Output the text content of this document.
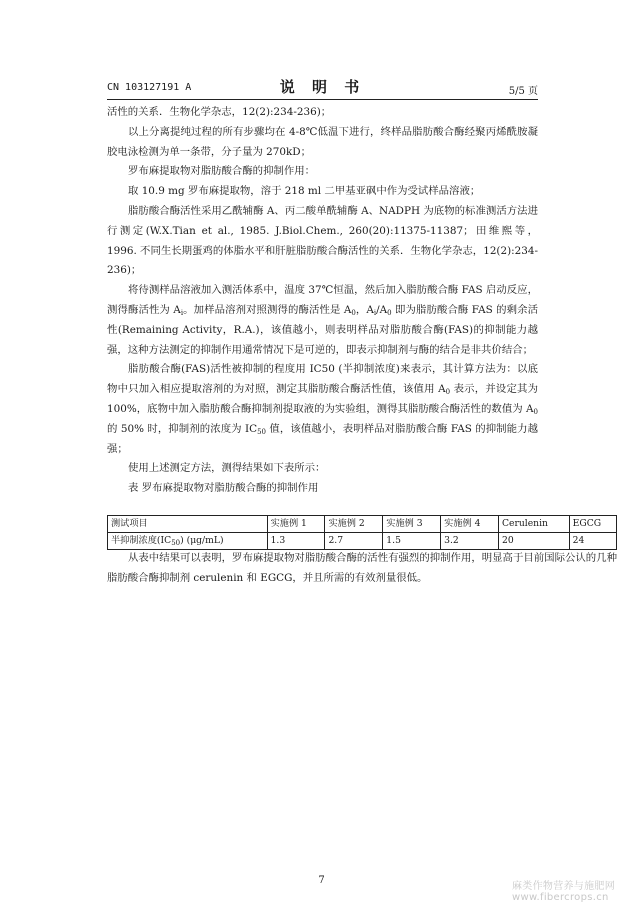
CN 103127191 A	说 明 书	5/5 页

活性的关系．生物化学杂志，12(2):234-236)；

以上分离提纯过程的所有步骤均在 4-8℃低温下进行，终样品脂肪酸合酶经聚丙烯酰胺凝胶电泳检测为单一条带，分子量为 270kD；

罗布麻提取物对脂肪酸合酶的抑制作用：

取 10.9 mg 罗布麻提取物，溶于 218 ml 二甲基亚砜中作为受试样品溶液；

脂肪酸合酶活性采用乙酰辅酶 A、丙二酸单酰辅酶 A、NADPH 为底物的标准测活方法进行测定(W.X.Tian et al., 1985. J.Biol.Chem., 260(20):11375-11387；田维熙等， 1996. 不同生长期蛋鸡的体脂水平和肝脏脂肪酸合酶活性的关系．生物化学杂志，12(2):234-236)；

将待测样品溶液加入测活体系中，温度 37℃恒温，然后加入脂肪酸合酶 FAS 启动反应，测得酶活性为 $A_i$。加样品溶剂对照测得的酶活性是 $A_0$，$A_i/A_0$ 即为脂肪酸合酶 FAS 的剩余活性(Remaining Activity，R.A.)，该值越小，则表明样品对脂肪酸合酶(FAS)的抑制能力越强，这种方法测定的抑制作用通常情况下是可逆的，即表示抑制剂与酶的结合是非共价结合；

脂肪酸合酶(FAS)活性被抑制的程度用 IC50 (半抑制浓度)来表示，其计算方法为：以底物中只加入相应提取溶剂的为对照，测定其脂肪酸合酶活性值，该值用 $A_0$ 表示，并设定其为 100%，底物中加入脂肪酸合酶抑制剂提取液的为实验组，测得其脂肪酸合酶活性的数值为 $A_0$ 的 50% 时，抑制剂的浓度为 $IC_{50}$ 值，该值越小，表明样品对脂肪酸合酶 FAS 的抑制能力越强；

使用上述测定方法，测得结果如下表所示：

表 罗布麻提取物对脂肪酸合酶的抑制作用

测试项目	实施例 1	实施例 2	实施例 3	实施例 4	Cerulenin	EGCG
半抑制浓度$(IC_{50})$ (μg/mL)	1.3	2.7	1.5	3.2	20	24

从表中结果可以表明，罗布麻提取物对脂肪酸合酶的活性有强烈的抑制作用，明显高于目前国际公认的几种脂肪酸合酶抑制剂 cerulenin 和 EGCG，并且所需的有效剂量很低。

7
麻类作物营养与施肥网 www.fibercrops.cn
